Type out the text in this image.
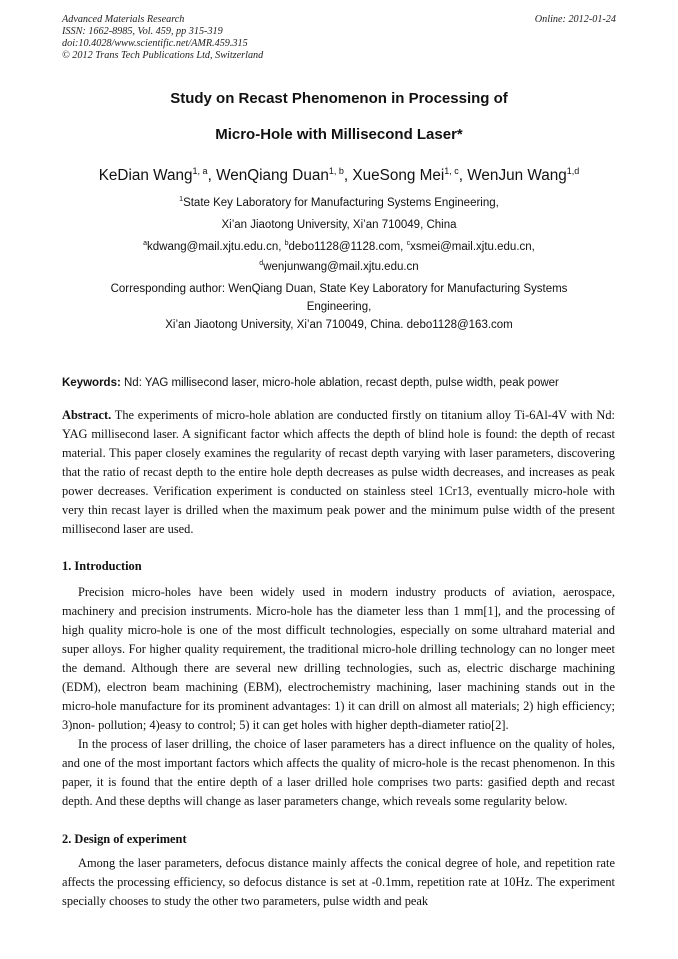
Advanced Materials Research
ISSN: 1662-8985, Vol. 459, pp 315-319
doi:10.4028/www.scientific.net/AMR.459.315
© 2012 Trans Tech Publications Ltd, Switzerland
Online: 2012-01-24
Study on Recast Phenomenon in Processing of
Micro-Hole with Millisecond Laser*
KeDian Wang$^{1, a}$, WenQiang Duan$^{1, b}$, XueSong Mei$^{1, c}$, WenJun Wang$^{1,d}$
$^1$State Key Laboratory for Manufacturing Systems Engineering,
Xi’an Jiaotong University, Xi’an 710049, China
$^a$kdwang@mail.xjtu.edu.cn, $^b$debo1128@1128.com, $^c$xsmei@mail.xjtu.edu.cn,
$^d$wenjunwang@mail.xjtu.edu.cn
Corresponding author: WenQiang Duan, State Key Laboratory for Manufacturing Systems
Engineering,
Xi’an Jiaotong University, Xi’an 710049, China. debo1128@163.com
Keywords: Nd: YAG millisecond laser, micro-hole ablation, recast depth, pulse width, peak power
Abstract. The experiments of micro-hole ablation are conducted firstly on titanium alloy Ti-6Al-4V with Nd: YAG millisecond laser. A significant factor which affects the depth of blind hole is found: the depth of recast material. This paper closely examines the regularity of recast depth varying with laser parameters, discovering that the ratio of recast depth to the entire hole depth decreases as pulse width decreases, and increases as peak power decreases. Verification experiment is conducted on stainless steel 1Cr13, eventually micro-hole with very thin recast layer is drilled when the maximum peak power and the minimum pulse width of the present millisecond laser are used.
1. Introduction

Precision micro-holes have been widely used in modern industry products of aviation, aerospace, machinery and precision instruments. Micro-hole has the diameter less than 1 mm[1], and the processing of high quality micro-hole is one of the most difficult technologies, especially on some ultrahard material and super alloys. For higher quality requirement, the traditional micro-hole drilling technology can no longer meet the demand. Although there are several new drilling technologies, such as, electric discharge machining (EDM), electron beam machining (EBM), electrochemistry machining, laser machining stands out in the micro-hole manufacture for its prominent advantages: 1) it can drill on almost all materials; 2) high efficiency; 3)non- pollution; 4)easy to control; 5) it can get holes with higher depth-diameter ratio[2].

In the process of laser drilling, the choice of laser parameters has a direct influence on the quality of holes, and one of the most important factors which affects the quality of micro-hole is the recast phenomenon. In this paper, it is found that the entire depth of a laser drilled hole comprises two parts: gasified depth and recast depth. And these depths will change as laser parameters change, which reveals some regularity below.

2. Design of experiment

Among the laser parameters, defocus distance mainly affects the conical degree of hole, and repetition rate affects the processing efficiency, so defocus distance is set at -0.1mm, repetition rate at 10Hz. The experiment specially chooses to study the other two parameters, pulse width and peak
